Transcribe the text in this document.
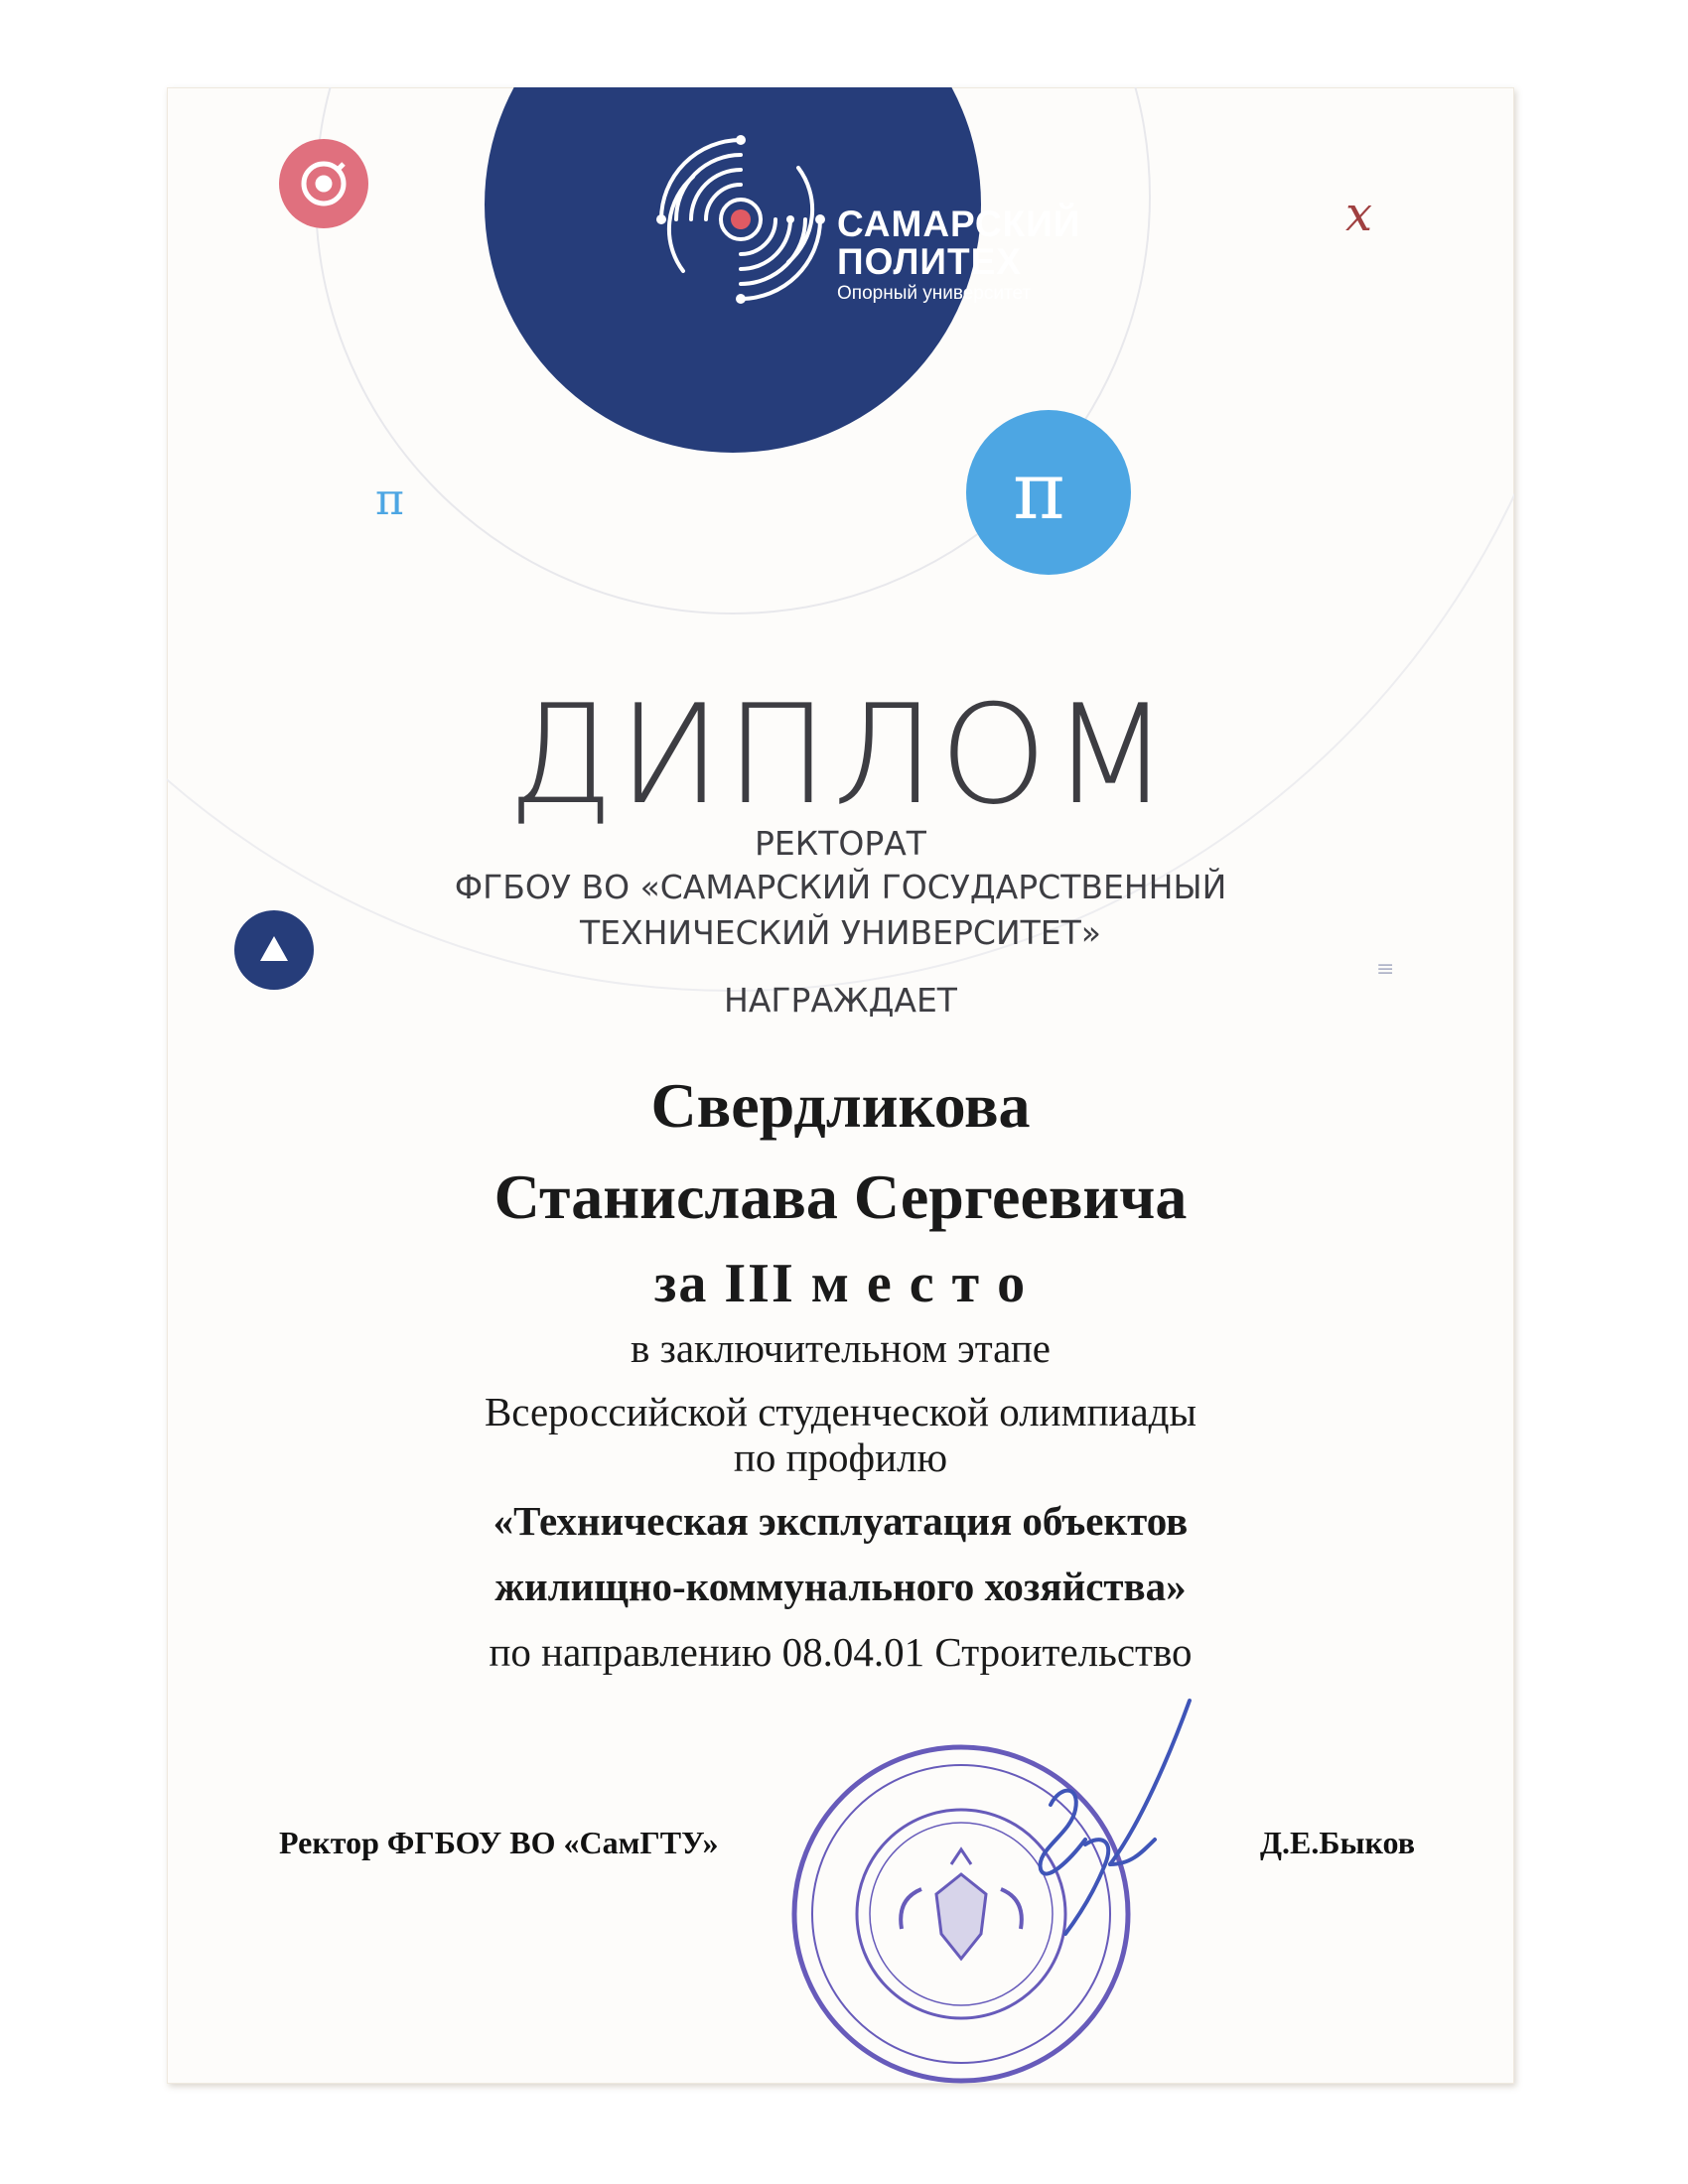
САМАРСКИЙ
ПОЛИТЕХ
Опорный университет
π	π
x
≡
ДИПЛОМ
РЕКТОРАТ
ФГБОУ ВО «САМАРСКИЙ ГОСУДАРСТВЕННЫЙ
ТЕХНИЧЕСКИЙ УНИВЕРСИТЕТ»
НАГРАЖДАЕТ
Свердликова
Станислава Сергеевича
за III м е с т о
в заключительном этапе
Всероссийской студенческой олимпиады
по профилю
«Техническая эксплуатация объектов
жилищно-коммунального хозяйства»
по направлению 08.04.01 Строительство
Ректор ФГБОУ ВО «СамГТУ»	Д.Е.Быков
